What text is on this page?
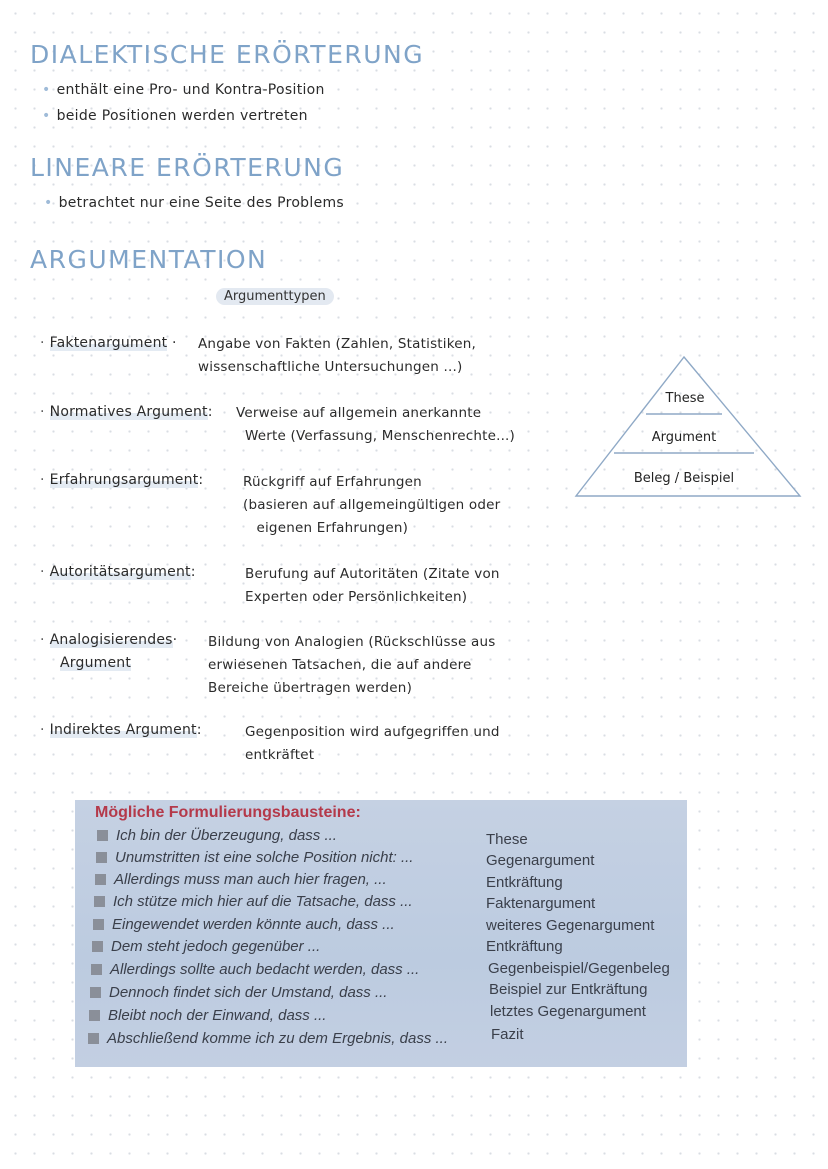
DIALEKTISCHE ERÖRTERUNG
• enthält eine Pro- und Kontra-Position
• beide Positionen werden vertreten
LINEARE ERÖRTERUNG
• betrachtet nur eine Seite des Problems
ARGUMENTATION
Argumenttypen
· Faktenargument · Angabe von Fakten (Zahlen, Statistiken,
wissenschaftliche Untersuchungen ...)
· Normatives Argument: Verweise auf allgemein anerkannte
Werte (Verfassung, Menschenrechte...)
· Erfahrungsargument:	Rückgriff auf Erfahrungen
(basieren auf allgemeingültigen oder
eigenen Erfahrungen)
· Autoritätsargument:	Berufung auf Autoritäten (Zitate von
Experten oder Persönlichkeiten)
· Analogisierendes·
Argument
Bildung von Analogien (Rückschlüsse aus
erwiesenen Tatsachen, die auf andere
Bereiche übertragen werden)
· Indirektes Argument:	Gegenposition wird aufgegriffen und
entkräftet
These
Argument
Beleg / Beispiel
Mögliche Formulierungsbausteine:
Ich bin der Überzeugung, dass ...	These
Unumstritten ist eine solche Position nicht: ...	Gegenargument
Allerdings muss man auch hier fragen, ...	Entkräftung
Ich stütze mich hier auf die Tatsache, dass ...	Faktenargument
Eingewendet werden könnte auch, dass ...	weiteres Gegenargument
Dem steht jedoch gegenüber ...	Entkräftung
Allerdings sollte auch bedacht werden, dass ...	Gegenbeispiel/Gegenbeleg
Dennoch findet sich der Umstand, dass ...	Beispiel zur Entkräftung
Bleibt noch der Einwand, dass ...	letztes Gegenargument
Abschließend komme ich zu dem Ergebnis, dass ...	Fazit
